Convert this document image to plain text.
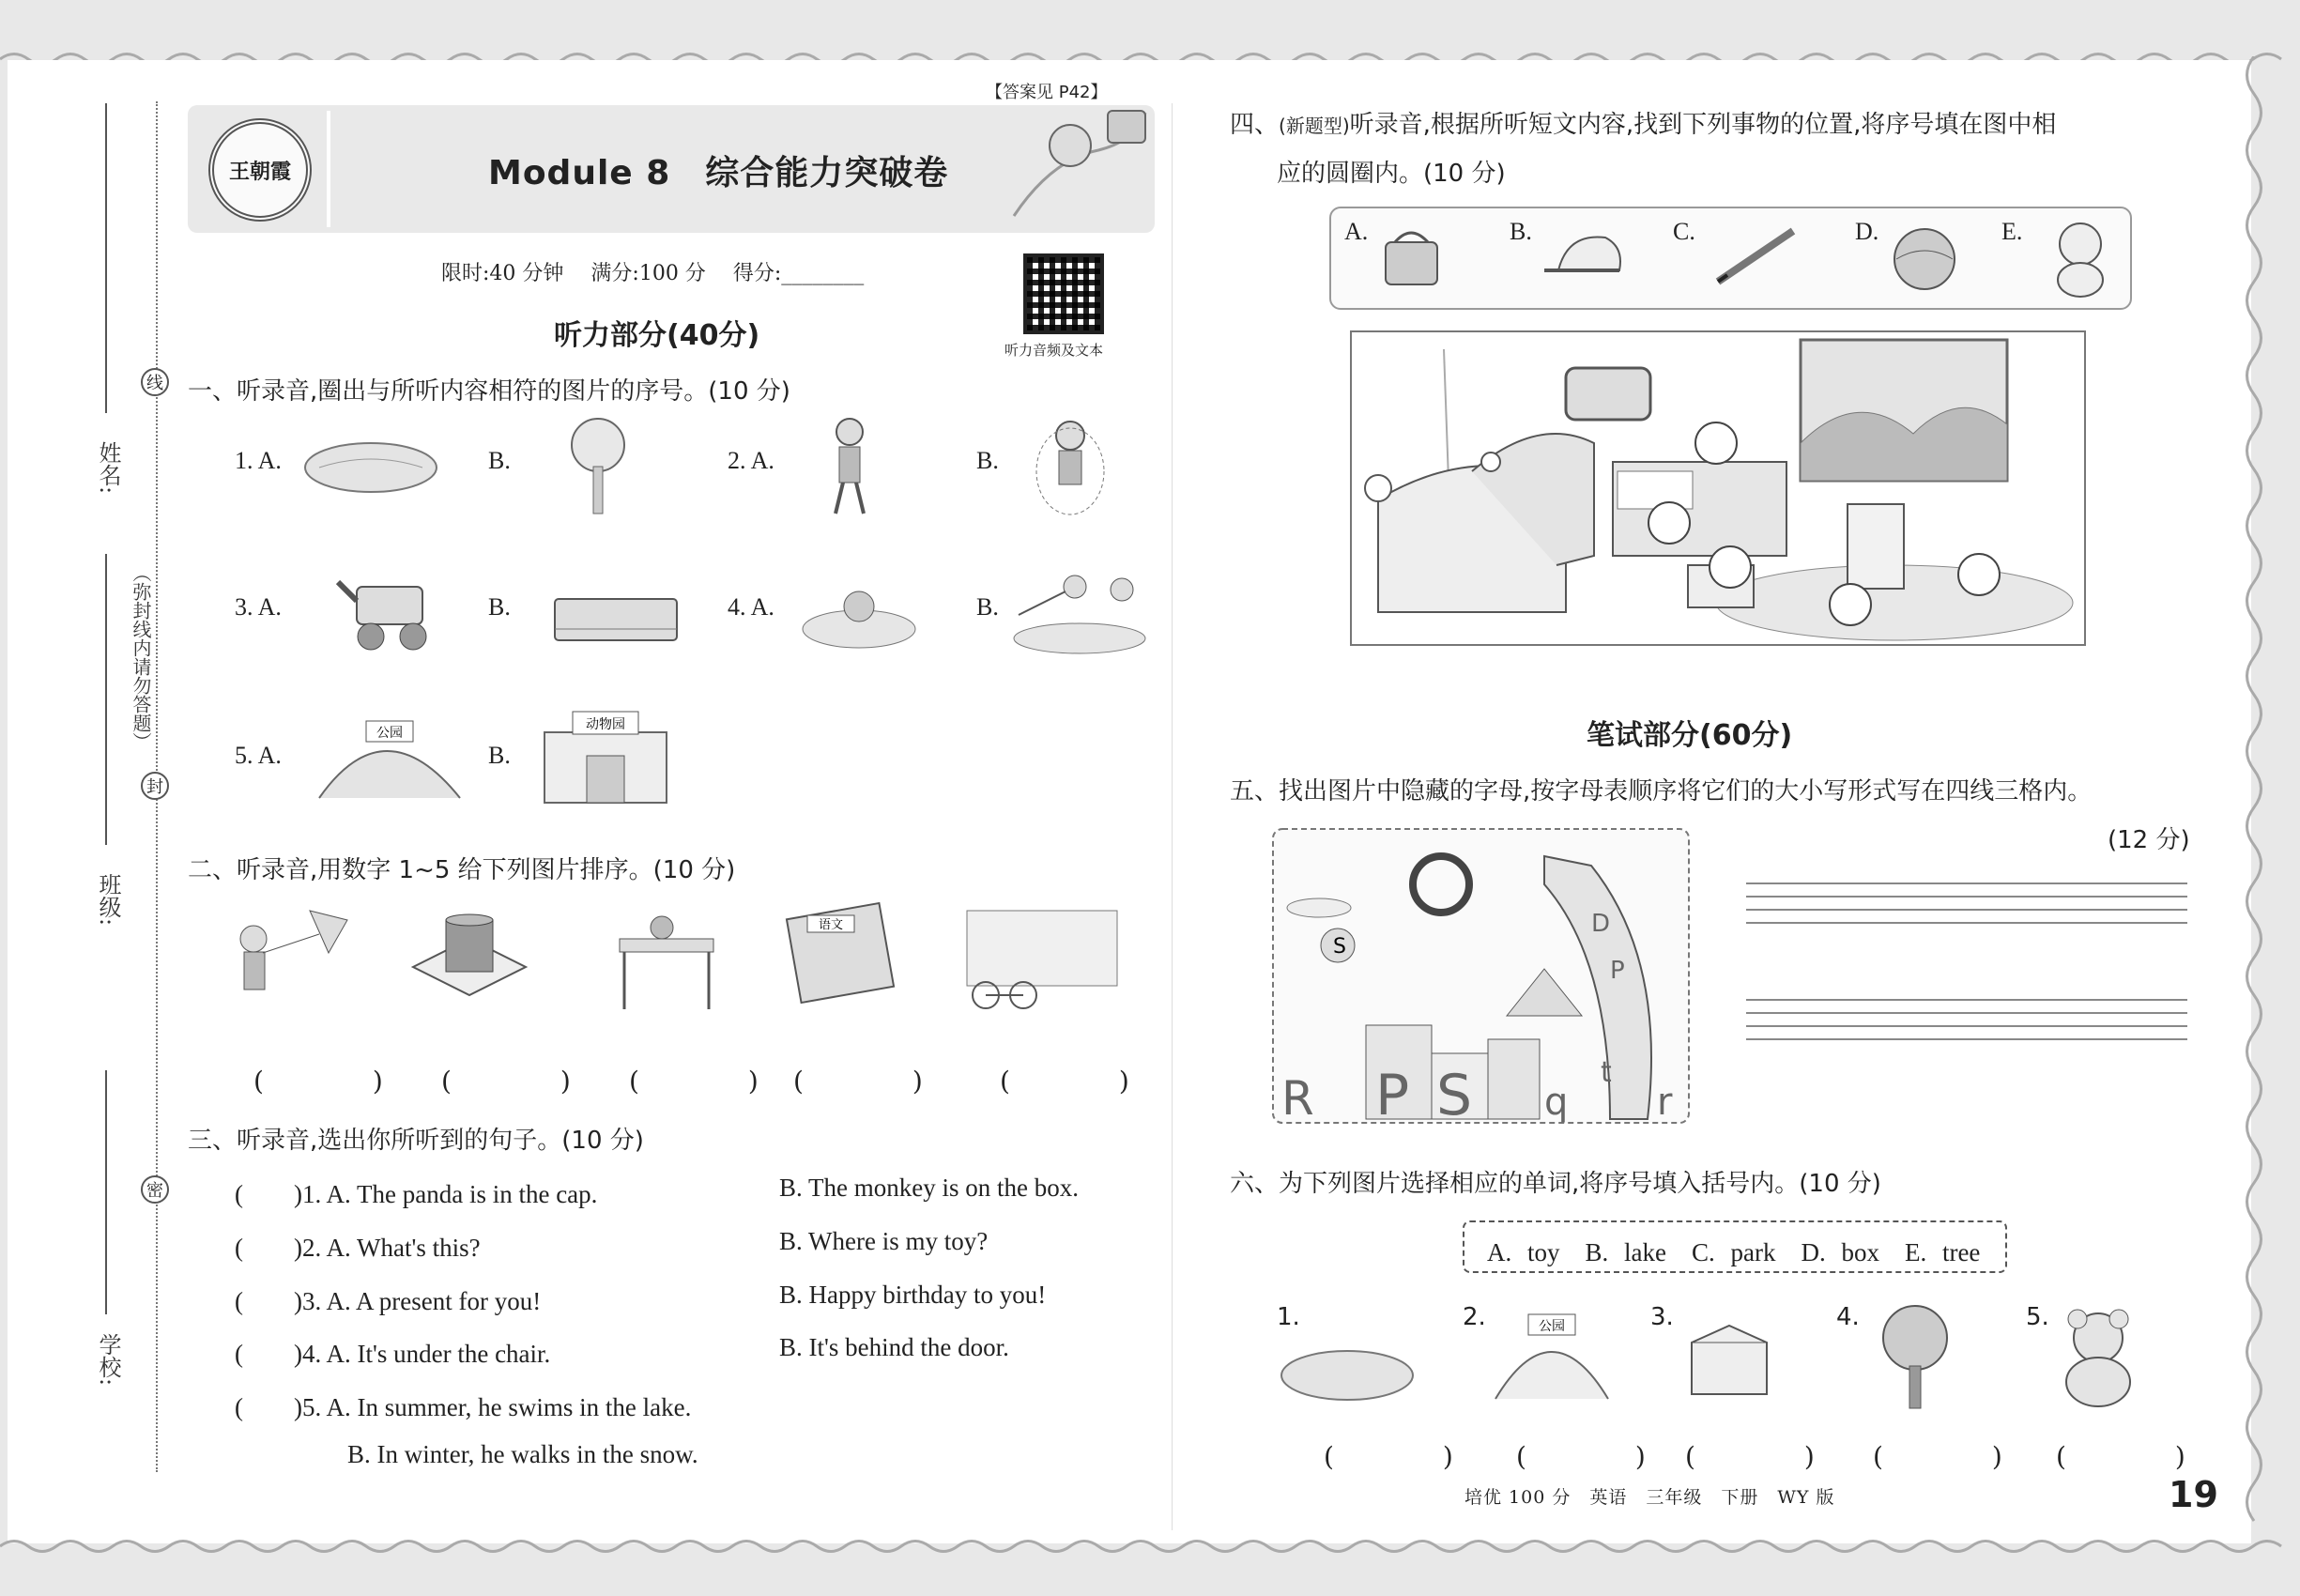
姓名:
班级:
学校:
（弥封线内请勿答题）
线
封
密
王朝霞
【答案见 P42】
Module 8　综合能力突破卷
限时:40 分钟　 满分:100 分　 得分:________
听力音频及文本
听力部分(40分)
一、听录音,圈出与所听内容相符的图片的序号。(10 分)
1. A.	B.	2. A.	B.
3. A.	B.	4. A.	B.
5. A.
公园
B.
动物园
二、听录音,用数字 1~5 给下列图片排序。(10 分)
语文
(　) (　) (　)
(　) (　)
三、听录音,选出你所听到的句子。(10 分)
(　　)1. A. The panda is in the cap.	B. The monkey is on the box.
(　　)2. A. What's this?	B. Where is my toy?
(　　)3. A. A present for you!	B. Happy birthday to you!
(　　)4. A. It's under the chair.	B. It's behind the door.
(　　)5. A. In summer, he swims in the lake.
B. In winter, he walks in the snow.
四、(新题型)听录音,根据所听短文内容,找到下列事物的位置,将序号填在图中相
应的圆圈内。(10 分)
A.	B.	C.	D.	E.
笔试部分(60分)
五、找出图片中隐藏的字母,按字母表顺序将它们的大小写形式写在四线三格内。
(12 分)
S
R P S q
t
r
D
P
六、为下列图片选择相应的单词,将序号填入括号内。(10 分)
A. toy　B. lake　C. park　D. box　E. tree
1.	2.	公园	3.	4.	5.
(　) (　)
(　) (　) (　)
培优 100 分　英语　三年级　下册　WY 版	19
